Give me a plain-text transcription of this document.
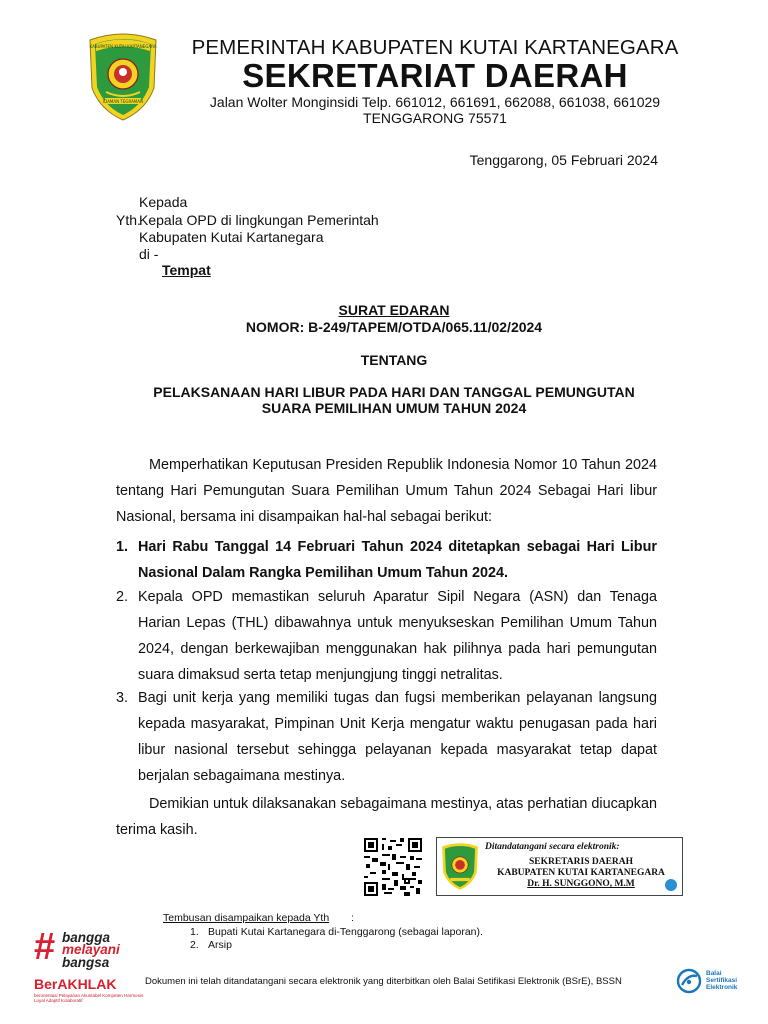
KABUPATEN KUTAI KARTANEGARA
IDAMAN TEGRAMAN
PEMERINTAH KABUPATEN KUTAI KARTANEGARA
SEKRETARIAT DAERAH
Jalan Wolter Monginsidi Telp. 661012, 661691, 662088, 661038, 661029
TENGGARONG 75571
Tenggarong, 05 Februari 2024
Kepada
Yth.
Kepala OPD di lingkungan Pemerintah
Kabupaten Kutai Kartanegara
di -
Tempat
SURAT EDARAN
NOMOR: B-249/TAPEM/OTDA/065.11/02/2024
TENTANG
PELAKSANAAN HARI LIBUR PADA HARI DAN TANGGAL PEMUNGUTAN
SUARA PEMILIHAN UMUM TAHUN 2024
Memperhatikan Keputusan Presiden Republik Indonesia Nomor 10 Tahun 2024 tentang Hari Pemungutan Suara Pemilihan Umum Tahun 2024 Sebagai Hari libur Nasional, bersama ini disampaikan hal-hal sebagai berikut:
1. Hari Rabu Tanggal 14 Februari Tahun 2024 ditetapkan sebagai Hari Libur Nasional Dalam Rangka Pemilihan Umum Tahun 2024.
2. Kepala OPD memastikan seluruh Aparatur Sipil Negara (ASN) dan Tenaga Harian Lepas (THL) dibawahnya untuk menyukseskan Pemilihan Umum Tahun 2024, dengan berkewajiban menggunakan hak pilihnya pada hari pemungutan suara dimaksud serta tetap menjungjung tinggi netralitas.
3. Bagi unit kerja yang memiliki tugas dan fugsi memberikan pelayanan langsung kepada masyarakat, Pimpinan Unit Kerja mengatur waktu penugasan pada hari libur nasional tersebut sehingga pelayanan kepada masyarakat tetap dapat berjalan sebagaimana mestinya.
Demikian untuk dilaksanakan sebagaimana mestinya, atas perhatian diucapkan terima kasih.
Ditandatangani secara elektronik:
SEKRETARIS DAERAH
KABUPATEN KUTAI KARTANEGARA
Dr. H. SUNGGONO, M.M
Tembusan disampaikan kepada Yth :
1. Bupati Kutai Kartanegara di-Tenggarong (sebagai laporan).
2. Arsip
# bangga
melayani
bangsa
BerAKHLAK
berorientasi Pelayanan Akuntabel Kompeten Harmonis Loyal Adaptif Kolaboratif
Dokumen ini telah ditandatangani secara elektronik yang diterbitkan oleh Balai Setifikasi Elektronik (BSrE), BSSN
Balai
Sertifikasi
Elektronik
